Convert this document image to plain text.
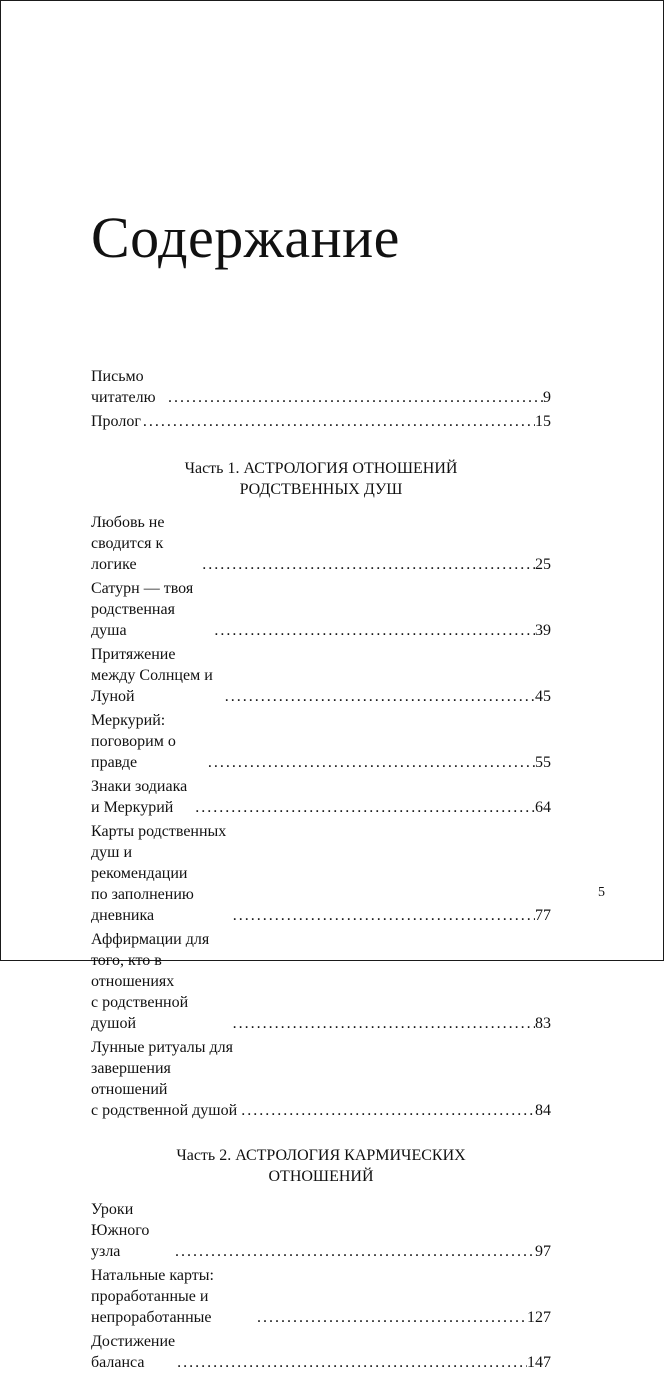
Содержание
Письмо читателю . . .	9
Пролог . . .	15
Часть 1. АСТРОЛОГИЯ ОТНОШЕНИЙ
РОДСТВЕННЫХ ДУШ
Любовь не сводится к логике . . .	25
Сатурн — твоя родственная душа . . .	39
Притяжение между Солнцем и Луной . . .	45
Меркурий: поговорим о правде . . .	55
Знаки зодиака и Меркурий . . .	64
Карты родственных душ и рекомендации
по заполнению дневника . . .	77
Аффирмации для того, кто в отношениях
с родственной душой . . .	83
Лунные ритуалы для завершения отношений
с родственной душой . . .	84
Часть 2. АСТРОЛОГИЯ КАРМИЧЕСКИХ
ОТНОШЕНИЙ
Уроки Южного узла . . .	97
Натальные карты: проработанные и непроработанные . . .	127
Достижение баланса . . .	147
5
